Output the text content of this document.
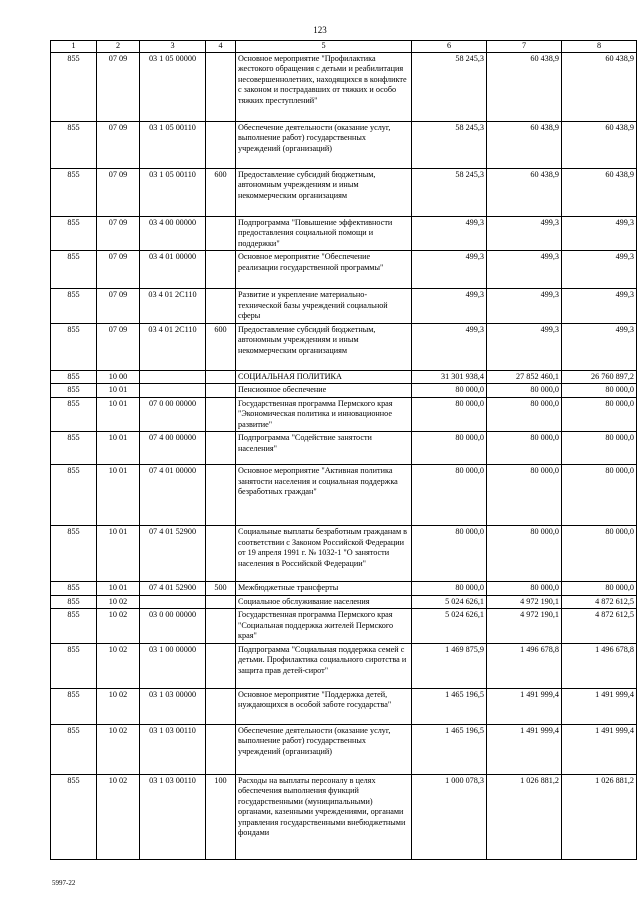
123
1	2	3	4	5	6	7	8
855	07 09	03 1 05 00000		Основное мероприятие "Профилактика жестокого обращения с детьми и реабилитация несовершеннолетних, находящихся в конфликте с законом и пострадавших от тяжких и особо тяжких преступлений"	58 245,3	60 438,9	60 438,9
855	07 09	03 1 05 00110		Обеспечение деятельности (оказание услуг, выполнение работ) государственных учреждений (организаций)	58 245,3	60 438,9	60 438,9
855	07 09	03 1 05 00110	600	Предоставление субсидий бюджетным, автономным учреждениям и иным некоммерческим организациям	58 245,3	60 438,9	60 438,9
855	07 09	03 4 00 00000		Подпрограмма "Повышение эффективности предоставления социальной помощи и поддержки"	499,3	499,3	499,3
855	07 09	03 4 01 00000		Основное мероприятие "Обеспечение реализации государственной программы"	499,3	499,3	499,3
855	07 09	03 4 01 2C110		Развитие и укрепление материально-технической базы учреждений социальной сферы	499,3	499,3	499,3
855	07 09	03 4 01 2C110	600	Предоставление субсидий бюджетным, автономным учреждениям и иным некоммерческим организациям	499,3	499,3	499,3
855	10 00			СОЦИАЛЬНАЯ ПОЛИТИКА	31 301 938,4	27 852 460,1	26 760 897,2
855	10 01			Пенсионное обеспечение	80 000,0	80 000,0	80 000,0
855	10 01	07 0 00 00000		Государственная программа Пермского края "Экономическая политика и инновационное развитие"	80 000,0	80 000,0	80 000,0
855	10 01	07 4 00 00000		Подпрограмма "Содействие занятости населения"	80 000,0	80 000,0	80 000,0
855	10 01	07 4 01 00000		Основное мероприятие "Активная политика занятости населения и социальная поддержка безработных граждан"	80 000,0	80 000,0	80 000,0
855	10 01	07 4 01 52900		Социальные выплаты безработным гражданам в соответствии с Законом Российской Федерации от 19 апреля 1991 г. № 1032-1 "О занятости населения в Российской Федерации"	80 000,0	80 000,0	80 000,0
855	10 01	07 4 01 52900	500	Межбюджетные трансферты	80 000,0	80 000,0	80 000,0
855	10 02			Социальное обслуживание населения	5 024 626,1	4 972 190,1	4 872 612,5
855	10 02	03 0 00 00000		Государственная программа Пермского края "Социальная поддержка жителей Пермского края"	5 024 626,1	4 972 190,1	4 872 612,5
855	10 02	03 1 00 00000		Подпрограмма "Социальная поддержка семей с детьми. Профилактика социального сиротства и защита прав детей-сирот"	1 469 875,9	1 496 678,8	1 496 678,8
855	10 02	03 1 03 00000		Основное мероприятие "Поддержка детей, нуждающихся в особой заботе государства"	1 465 196,5	1 491 999,4	1 491 999,4
855	10 02	03 1 03 00110		Обеспечение деятельности (оказание услуг, выполнение работ) государственных учреждений (организаций)	1 465 196,5	1 491 999,4	1 491 999,4
855	10 02	03 1 03 00110	100	Расходы на выплаты персоналу в целях обеспечения выполнения функций государственными (муниципальными) органами, казенными учреждениями, органами управления государственными внебюджетными фондами	1 000 078,3	1 026 881,2	1 026 881,2
5997-22
